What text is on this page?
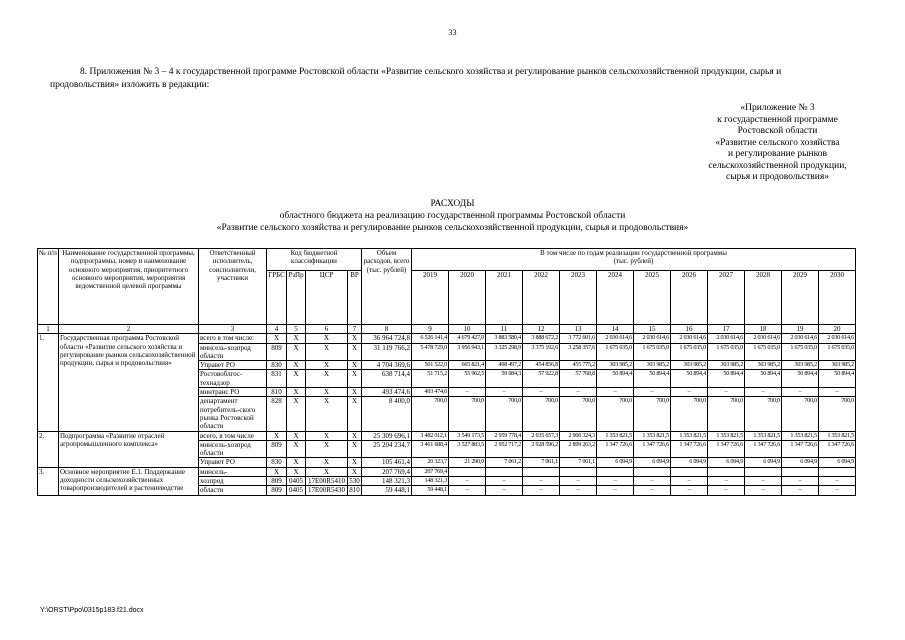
33
8. Приложения № 3 – 4 к государственной программе Ростовской области «Развитие сельского хозяйства и регулирование рынков сельскохозяйственной продукции, сырья и продовольствия» изложить в редакции:
«Приложение № 3
к государственной программе
Ростовской области
«Развитие сельского хозяйства
и регулирование рынков
сельскохозяйственной продукции,
сырья и продовольствия»
РАСХОДЫ
областного бюджета на реализацию государственной программы Ростовской области
«Развитие сельского хозяйства и регулирование рынков сельскохозяйственной продукции, сырья и продовольствия»
№ п/п	Наименование государственной программы, подпрограммы, номер и наименование основного мероприятия, приоритетного основного мероприятия, мероприятия ведомственной целевой программы	Ответственный исполнитель, соисполнители, участники	Код бюджетной классификации				Объем расходов, всего (тыс. рублей)	В том числе по годам реализации государственной программы
(тыс. рублей)											
			ГРБС	РзПр	ЦСР	ВР		2019	2020	2021	2022	2023	2024	2025	2026	2027	2028	2029	2030
1	2	3	4	5	6	7	8	9	10	11	12	13	14	15	16	17	18	19	20
1.	Государственная программа Ростовской области «Развитие сельского хозяйства и регулирование рынков сельскохозяйственной продукции, сырья и продовольствия»	всего в том числе:	X	X	X	X	36 964 724,8	6 526 141,4	4 679 427,0	3 883 580,4	3 888 672,2	3 772 601,6	2 030 614,6	2 030 614,6	2 030 614,6	2 030 614,6	2 030 614,6	2 030 614,6	2 030 614,6
		минсель-хозпрод области	809	X	X	X	31 119 766,2	5 478 729,0	3 956 943,1	3 325 298,9	3 375 192,6	3 258 357,6	1 675 035,0	1 675 035,0	1 675 035,0	1 675 035,0	1 675 035,0	1 675 035,0	1 675 035,0
		Управет РО	830	X	X	X	4 704 369,6	501 522,0	665 821,4	498 497,2	454 856,8	455 775,2	303 985,2	303 985,2	303 985,2	303 985,2	303 985,2	303 985,2	303 985,2
		Ростовоблгос-технадзор	831	X	X	X	638 714,4	51 715,2	55 962,5	59 084,3	57 922,8	57 768,8	50 894,4	50 894,4	50 894,4	50 894,4	50 894,4	50 894,4	50 894,4
		минтранс РО	810	X	X	X	493 474,6	493 474,6	–	–	–	–	–	–	–	–	–	–	–
		департамент потребитель-ского рынка Ростовской области	828	X	X	X	8 400,0	700,0	700,0	700,0	700,0	700,0	700,0	700,0	700,0	700,0	700,0	700,0	700,0
2.	Подпрограмма «Развитие отраслей агропромышленного комплекса»	всего, в том числе	X	X	X	X	25 309 696,1	3 482 012,1	3 549 173,5	2 959 778,4	2 935 657,3	2 906 324,3	1 353 821,5	1 353 821,5	1 353 821,5	1 353 821,5	1 353 821,5	1 353 821,5	1 353 821,5
		минсель-хозпрод области	809	X	X	X	25 204 234,7	3 461 688,4	3 527 883,5	2 952 717,2	2 928 596,2	2 899 263,2	1 347 726,6	1 347 726,6	1 347 726,6	1 347 726,6	1 347 726,6	1 347 726,6	1 347 726,6
		Управет РО	830	X	X	X	105 461,4	20 323,7	21 290,0	7 061,2	7 061,1	7 061,1	6 094,9	6 094,9	6 094,9	6 094,9	6 094,9	6 094,9	6 094,9
3.	Основное мероприятие Е.1. Поддержание доходности сельскохозяйственных товаропроизводителей в растениеводстве	минсель-	X	X	X	X	207 769,4	207 769,4											
		хозпрод	809	0405	17Е00R5410	530	148 321,3	148 321,3	–	–	–	–	–	–	–	–	–	–	–
		области	809	0405	17Е00R5430	810	59 448,1	59 448,1	–	–	–	–	–	–	–	–	–	–	–
Y:\ORST\Ppo\0315p183.f21.docx
